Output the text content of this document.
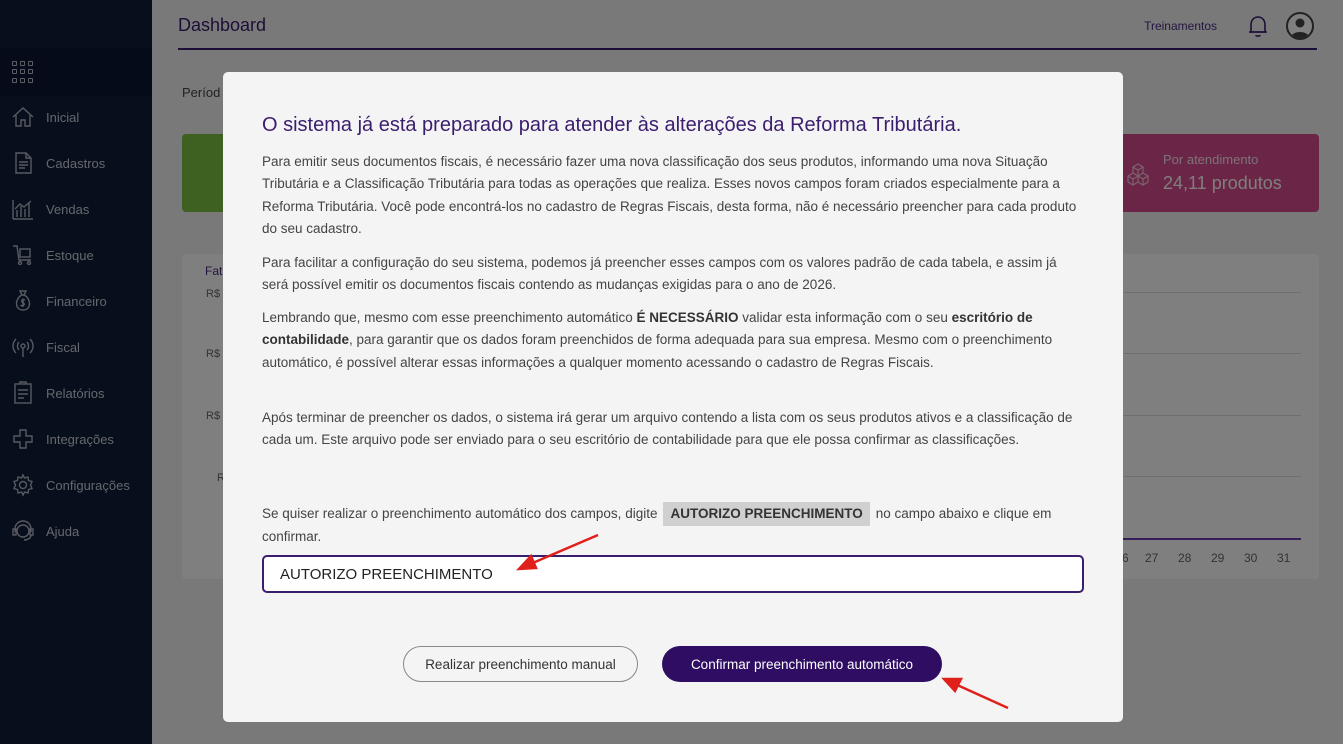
O sistema já está preparado para atender às alterações da Reforma Tributária.

Para emitir seus documentos fiscais, é necessário fazer uma nova classificação dos seus produtos, informando uma nova Situação Tributária e a Classificação Tributária para todas as operações que realiza. Esses novos campos foram criados especialmente para a Reforma Tributária. Você pode encontrá-los no cadastro de Regras Fiscais, desta forma, não é necessário preencher para cada produto do seu cadastro.

Para facilitar a configuração do seu sistema, podemos já preencher esses campos com os valores padrão de cada tabela, e assim já será possível emitir os documentos fiscais contendo as mudanças exigidas para o ano de 2026.

Lembrando que, mesmo com esse preenchimento automático É NECESSÁRIO validar esta informação com o seu escritório de contabilidade, para garantir que os dados foram preenchidos de forma adequada para sua empresa. Mesmo com o preenchimento automático, é possível alterar essas informações a qualquer momento acessando o cadastro de Regras Fiscais.

Após terminar de preencher os dados, o sistema irá gerar um arquivo contendo a lista com os seus produtos ativos e a classificação de cada um. Este arquivo pode ser enviado para o seu escritório de contabilidade para que ele possa confirmar as classificações.

Se quiser realizar o preenchimento automático dos campos, digite AUTORIZO PREENCHIMENTO no campo abaixo e clique em confirmar.

AUTORIZO PREENCHIMENTO
Realizar preenchimento manual	Confirmar preenchimento automático
